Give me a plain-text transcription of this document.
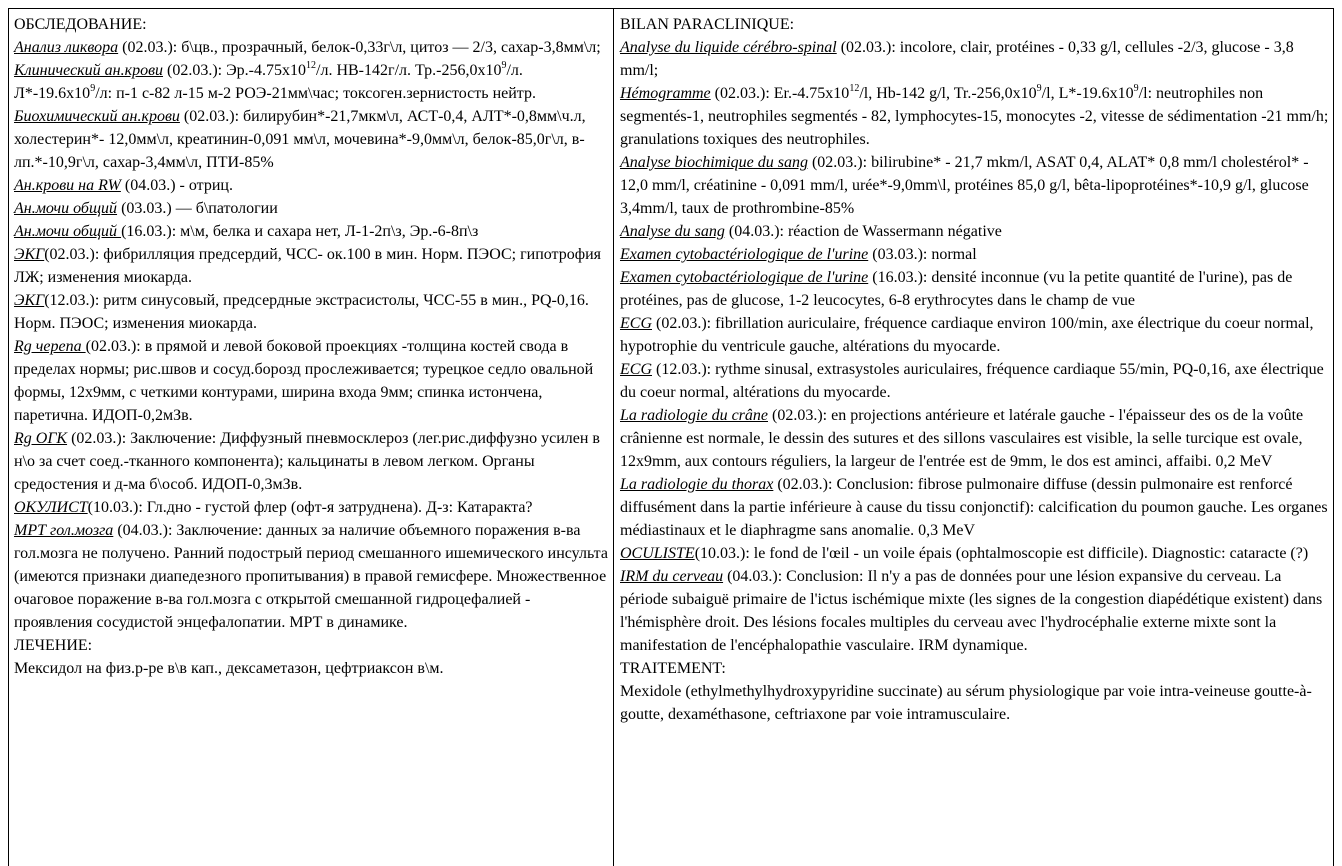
ОБСЛЕДОВАНИЕ:

Анализ ликвора (02.03.): б\цв., прозрачный, белок-0,33г\л, цитоз — 2/3, сахар-3,8мм\л;

Клинический ан.крови (02.03.): $Эр.-4.75х10^{12}/л$. НВ-142г/л. $Тр.-256,0х10^9/л$. $Л*-19.6х10^9/л$: п-1 с-82 л-15 м-2 РОЭ-21мм\час; токсоген.зернистость нейтр.

Биохимический ан.крови (02.03.): билирубин*-21,7мкм\л, АСТ-0,4, АЛТ*-0,8мм\ч.л, холестерин*- 12,0мм\л, креатинин-0,091 мм\л, мочевина*-9,0мм\л, белок-85,0г\л, в-лп.*-10,9г\л, сахар-3,4мм\л, ПТИ-85%

Ан.крови на RW (04.03.) - отриц.

Ан.мочи общий (03.03.) — б\патологии

Ан.мочи общий (16.03.): м\м, белка и сахара нет, Л-1-2п\з, Эр.-6-8п\з

ЭКГ(02.03.): фибрилляция предсердий, ЧСС- ок.100 в мин. Норм. ПЭОС; гипотрофия ЛЖ; изменения миокарда.

ЭКГ(12.03.): ритм синусовый, предсердные экстрасистолы, ЧСС-55 в мин., PQ-0,16. Норм. ПЭОС; изменения миокарда.

Rg черепа (02.03.): в прямой и левой боковой проекциях -толщина костей свода в пределах нормы; рис.швов и сосуд.борозд прослеживается; турецкое седло овальной формы, 12х9мм, с четкими контурами, ширина входа 9мм; спинка истончена, паретична. ИДОП-0,2мЗв.

Rg ОГК (02.03.): Заключение: Диффузный пневмосклероз (лег.рис.диффузно усилен в н\о за счет соед.-тканного компонента); кальцинаты в левом легком. Органы средостения и д-ма б\особ. ИДОП-0,3мЗв.

ОКУЛИСТ(10.03.): Гл.дно - густой флер (офт-я затруднена). Д-з: Катаракта?

МРТ гол.мозга (04.03.): Заключение: данных за наличие объемного поражения в-ва гол.мозга не получено. Ранний подострый период смешанного ишемического инсульта (имеются признаки диапедезного пропитывания) в правой гемисфере. Множественное очаговое поражение в-ва гол.мозга с открытой смешанной гидроцефалией - проявления сосудистой энцефалопатии. МРТ в динамике.

ЛЕЧЕНИЕ:

Мексидол на физ.р-ре в\в кап., дексаметазон, цефтриаксон в\м.

BILAN PARACLINIQUE:

Analyse du liquide cérébro-spinal (02.03.): incolore, clair, protéines - 0,33 g/l, cellules -2/3, glucose - 3,8 mm/l;

Hémogramme (02.03.): $Er.-4.75x10^{12}/l$, Hb-142 g/l, $Tr.-256,0x10^9/l$, $L*-19.6x10^9/l$: neutrophiles non segmentés-1, neutrophiles segmentés - 82, lymphocytes-15, monocytes -2, vitesse de sédimentation -21 mm/h; granulations toxiques des neutrophiles.

Analyse biochimique du sang (02.03.): bilirubine* - 21,7 mkm/l, ASAT 0,4, ALAT* 0,8 mm/l cholestérol* - 12,0 mm/l, créatinine - 0,091 mm/l, urée*-9,0mm\l, protéines 85,0 g/l, bêta-lipoprotéines*-10,9 g/l, glucose 3,4mm/l, taux de prothrombine-85%

Analyse du sang (04.03.): réaction de Wassermann négative

Examen cytobactériologique de l'urine (03.03.): normal

Examen cytobactériologique de l'urine (16.03.): densité inconnue (vu la petite quantité de l'urine), pas de protéines, pas de glucose, 1-2 leucocytes, 6-8 erythrocytes dans le champ de vue

ECG (02.03.): fibrillation auriculaire, fréquence cardiaque environ 100/min, axe électrique du coeur normal, hypotrophie du ventricule gauche, altérations du myocarde.

ECG (12.03.): rythme sinusal, extrasystoles auriculaires, fréquence cardiaque 55/min, PQ-0,16, axe électrique du coeur normal, altérations du myocarde.

La radiologie du crâne (02.03.): en projections antérieure et latérale gauche - l'épaisseur des os de la voûte crânienne est normale, le dessin des sutures et des sillons vasculaires est visible, la selle turcique est ovale, 12x9mm, aux contours réguliers, la largeur de l'entrée est de 9mm, le dos est aminci, affaibi. 0,2 MeV

La radiologie du thorax (02.03.): Conclusion: fibrose pulmonaire diffuse (dessin pulmonaire est renforcé diffusément dans la partie inférieure à cause du tissu conjonctif): calcification du poumon gauche. Les organes médiastinaux et le diaphragme sans anomalie. 0,3 MeV

OCULISTE(10.03.): le fond de l'œil - un voile épais (ophtalmoscopie est difficile). Diagnostic: cataracte (?)

IRM du cerveau (04.03.): Conclusion: Il n'y a pas de données pour une lésion expansive du cerveau. La période subaiguë primaire de l'ictus ischémique mixte (les signes de la congestion diapédétique existent) dans l'hémisphère droit. Des lésions focales multiples du cerveau avec l'hydrocéphalie externe mixte sont la manifestation de l'encéphalopathie vasculaire. IRM dynamique.

TRAITEMENT:

Mexidole (ethylmethylhydroxypyridine succinate) au sérum physiologique par voie intra-veineuse goutte-à-goutte, dexaméthasone, ceftriaxone par voie intramusculaire.
